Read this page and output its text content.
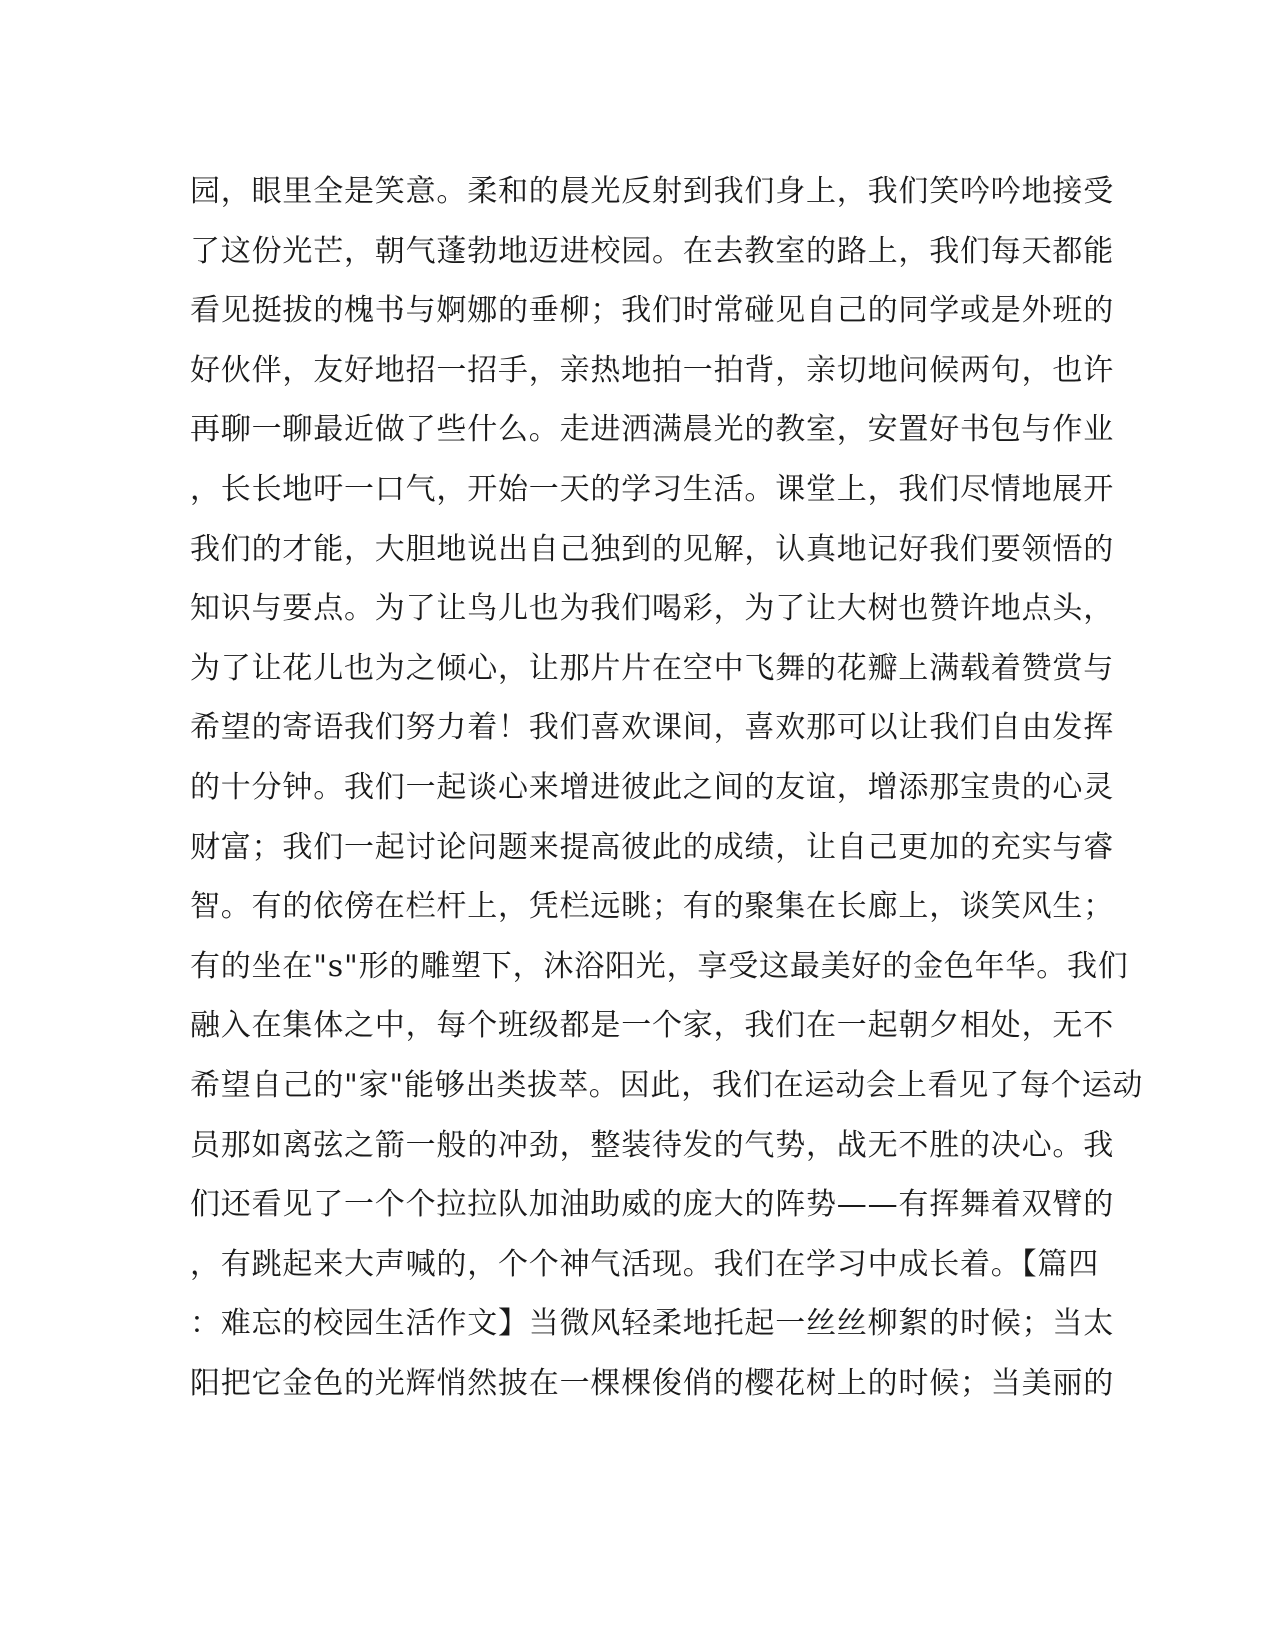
园，眼里全是笑意。柔和的晨光反射到我们身上，我们笑吟吟地接受
了这份光芒，朝气蓬勃地迈进校园。在去教室的路上，我们每天都能
看见挺拔的槐书与婀娜的垂柳；我们时常碰见自己的同学或是外班的
好伙伴，友好地招一招手，亲热地拍一拍背，亲切地问候两句，也许
再聊一聊最近做了些什么。走进洒满晨光的教室，安置好书包与作业
，长长地吁一口气，开始一天的学习生活。课堂上，我们尽情地展开
我们的才能，大胆地说出自己独到的见解，认真地记好我们要领悟的
知识与要点。为了让鸟儿也为我们喝彩，为了让大树也赞许地点头，
为了让花儿也为之倾心，让那片片在空中飞舞的花瓣上满载着赞赏与
希望的寄语我们努力着！我们喜欢课间，喜欢那可以让我们自由发挥
的十分钟。我们一起谈心来增进彼此之间的友谊，增添那宝贵的心灵
财富；我们一起讨论问题来提高彼此的成绩，让自己更加的充实与睿
智。有的依傍在栏杆上，凭栏远眺；有的聚集在长廊上，谈笑风生；
有的坐在"s"形的雕塑下，沐浴阳光，享受这最美好的金色年华。我们
融入在集体之中，每个班级都是一个家，我们在一起朝夕相处，无不
希望自己的"家"能够出类拔萃。因此，我们在运动会上看见了每个运动
员那如离弦之箭一般的冲劲，整装待发的气势，战无不胜的决心。我
们还看见了一个个拉拉队加油助威的庞大的阵势——有挥舞着双臂的
，有跳起来大声喊的，个个神气活现。我们在学习中成长着。【篇四
：难忘的校园生活作文】当微风轻柔地托起一丝丝柳絮的时候；当太
阳把它金色的光辉悄然披在一棵棵俊俏的樱花树上的时候；当美丽的
